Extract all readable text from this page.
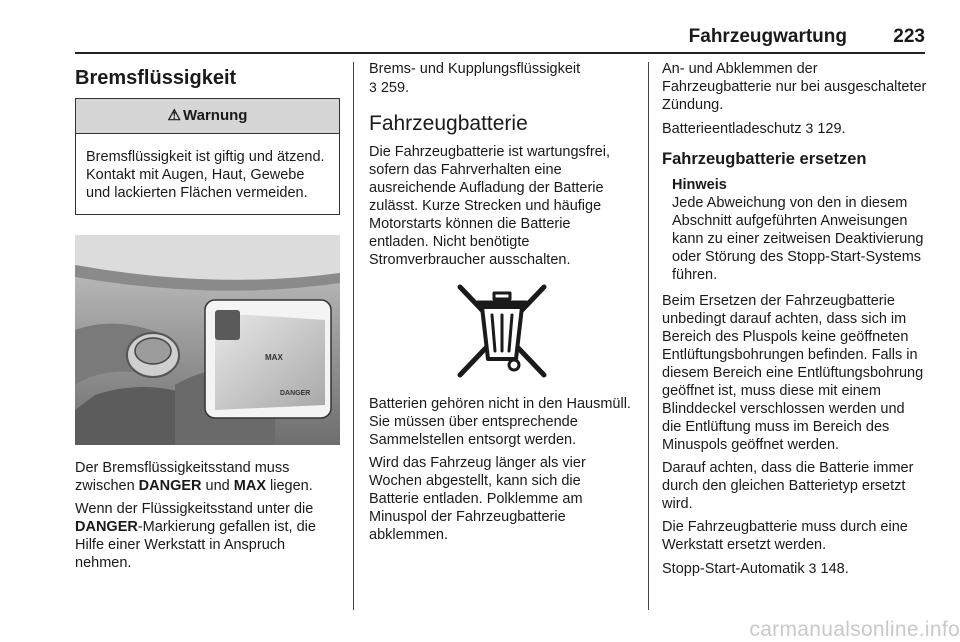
Fahrzeugwartung 223
Bremsflüssigkeit
⚠ Warnung
Bremsflüssigkeit ist giftig und ätzend. Kontakt mit Augen, Haut, Gewebe und lackierten Flächen vermeiden.
MAX
DANGER

Der Bremsflüssigkeitsstand muss zwischen DANGER und MAX liegen.

Wenn der Flüssigkeitsstand unter die DANGER-Markierung gefallen ist, die Hilfe einer Werkstatt in Anspruch nehmen.

Brems- und Kupplungsflüssigkeit
3 259.

Fahrzeugbatterie

Die Fahrzeugbatterie ist wartungsfrei, sofern das Fahrverhalten eine ausreichende Aufladung der Batterie zulässt. Kurze Strecken und häufige Motorstarts können die Batterie entladen. Nicht benötigte Stromverbraucher ausschalten.

Batterien gehören nicht in den Hausmüll. Sie müssen über entsprechende Sammelstellen entsorgt werden.

Wird das Fahrzeug länger als vier Wochen abgestellt, kann sich die Batterie entladen. Polklemme am Minuspol der Fahrzeugbatterie abklemmen.

An- und Abklemmen der Fahrzeugbatterie nur bei ausgeschalteter Zündung.

Batterieentladeschutz 3 129.

Fahrzeugbatterie ersetzen
Hinweis
Jede Abweichung von den in diesem Abschnitt aufgeführten Anweisungen kann zu einer zeitweisen Deaktivierung oder Störung des Stopp-Start-Systems führen.

Beim Ersetzen der Fahrzeugbatterie unbedingt darauf achten, dass sich im Bereich des Pluspols keine geöffneten Entlüftungsbohrungen befinden. Falls in diesem Bereich eine Entlüftungsbohrung geöffnet ist, muss diese mit einem Blinddeckel verschlossen werden und die Entlüftung muss im Bereich des Minuspols geöffnet werden.

Darauf achten, dass die Batterie immer durch den gleichen Batterietyp ersetzt wird.

Die Fahrzeugbatterie muss durch eine Werkstatt ersetzt werden.

Stopp-Start-Automatik 3 148.

carmanualsonline.info
